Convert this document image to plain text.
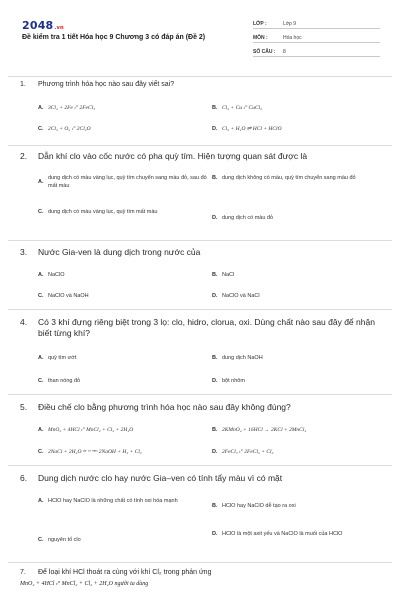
2048.vn
Đề kiểm tra 1 tiết Hóa học 9 Chương 3 có đáp án (Đề 2)
LỚP :	Lớp 9
MÔN :	Hóa học
SỐ CÂU :	8
1.	Phương trình hóa học nào sau đây viết sai?
A. 3Cl₂ + 2Fe ₜ° 2FeCl₃	B. Cl₂ + Cu ₜ° CuCl₂
C. 2Cl₂ + O₂ ₜ° 2Cl₂O	D. Cl₂ + H₂O ⇌ HCl + HClO
2.	Dẫn khí clo vào cốc nước có pha quỳ tím. Hiện tượng quan sát được là
A.
dung dịch có màu vàng lục, quỳ tím chuyển sang màu đỏ, sau đó mất màu
B. dung dịch không có màu, quỳ tím chuyển sang màu đỏ
C. dung dịch có màu vàng lục, quỳ tím mất màu
D. dung dịch có màu đỏ
3.	Nước Gia-ven là dung dịch trong nước của
A. NaClO	B. NaCl
C. NaClO và NaOH	D. NaClO và NaCl
4.	Có 3 khí đựng riêng biệt trong 3 lọ: clo, hidro, clorua, oxi. Dùng chất nào sau đây để nhận biết từng khí?
A. quỳ tím ướt	B. dung dịch NaOH
C. than nóng đỏ	D. bột nhôm
5.	Điều chế clo bằng phương trình hóa học nào sau đây không đúng?
A. MnO₂ + 4HCl ₜ° MnCl₂ + Cl₂ + 2H₂O	B. 2KMnO₄ + 16HCl → 2KCl + 2MnCl₂
C. 2NaCl + 2H₂O ᵈᵖ ᶜᵒ ᵐⁿˣ 2NaOH + H₂ + Cl₂	D. 2FeCl₃ ₜ° 2FeCl₂ + Cl₂
6.	Dung dịch nước clo hay nước Gia–ven có tính tẩy màu vì có mặt
A. HClO hay NaClO là những chất có tính oxi hóa mạnh
B. HClO hay NaClO dễ tạo ra oxi
C. nguyên tố clo
D. HClO là một axit yếu và NaClO là muối của HClO
7.	Để loại khí HCl thoát ra cùng với khí Cl₂ trong phản ứng
MnO₂ + 4HCl ₜ° MnCl₂ + Cl₂ + 2H₂O người ta dùng
